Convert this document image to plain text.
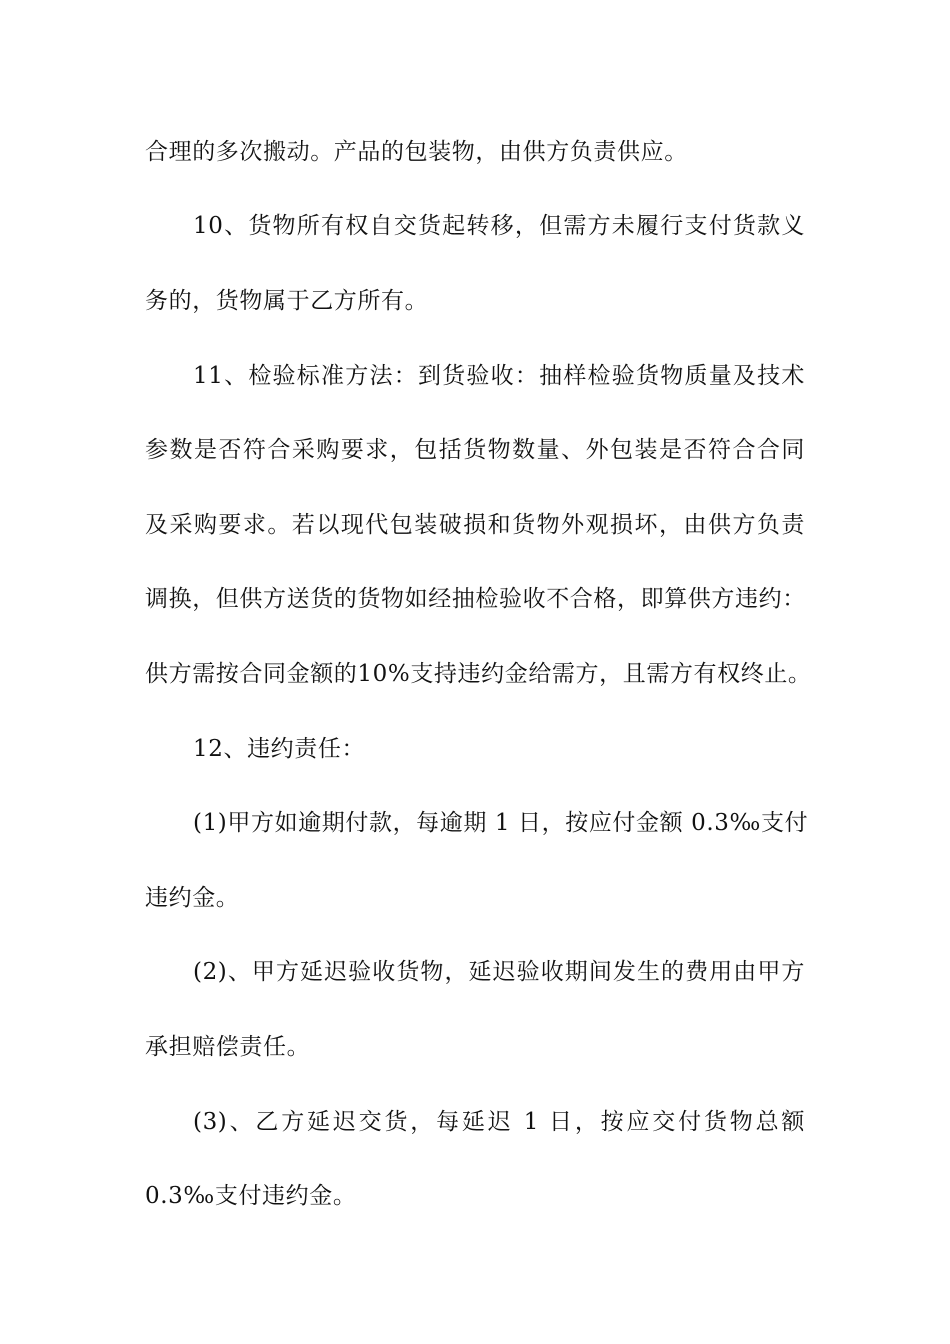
合理的多次搬动。产品的包装物，由供方负责供应。
10、货物所有权自交货起转移，但需方未履行支付货款义
务的，货物属于乙方所有。
11、检验标准方法：到货验收：抽样检验货物质量及技术
参数是否符合采购要求，包括货物数量、外包装是否符合合同
及采购要求。若以现代包装破损和货物外观损坏，由供方负责
调换，但供方送货的货物如经抽检验收不合格，即算供方违约：
供方需按合同金额的10%支持违约金给需方，且需方有权终止。
12、违约责任：
(1)甲方如逾期付款，每逾期 1 日，按应付金额 0.3‰支付
违约金。
(2)、甲方延迟验收货物，延迟验收期间发生的费用由甲方
承担赔偿责任。
(3)、乙方延迟交货，每延迟 1 日，按应交付货物总额
0.3‰支付违约金。
